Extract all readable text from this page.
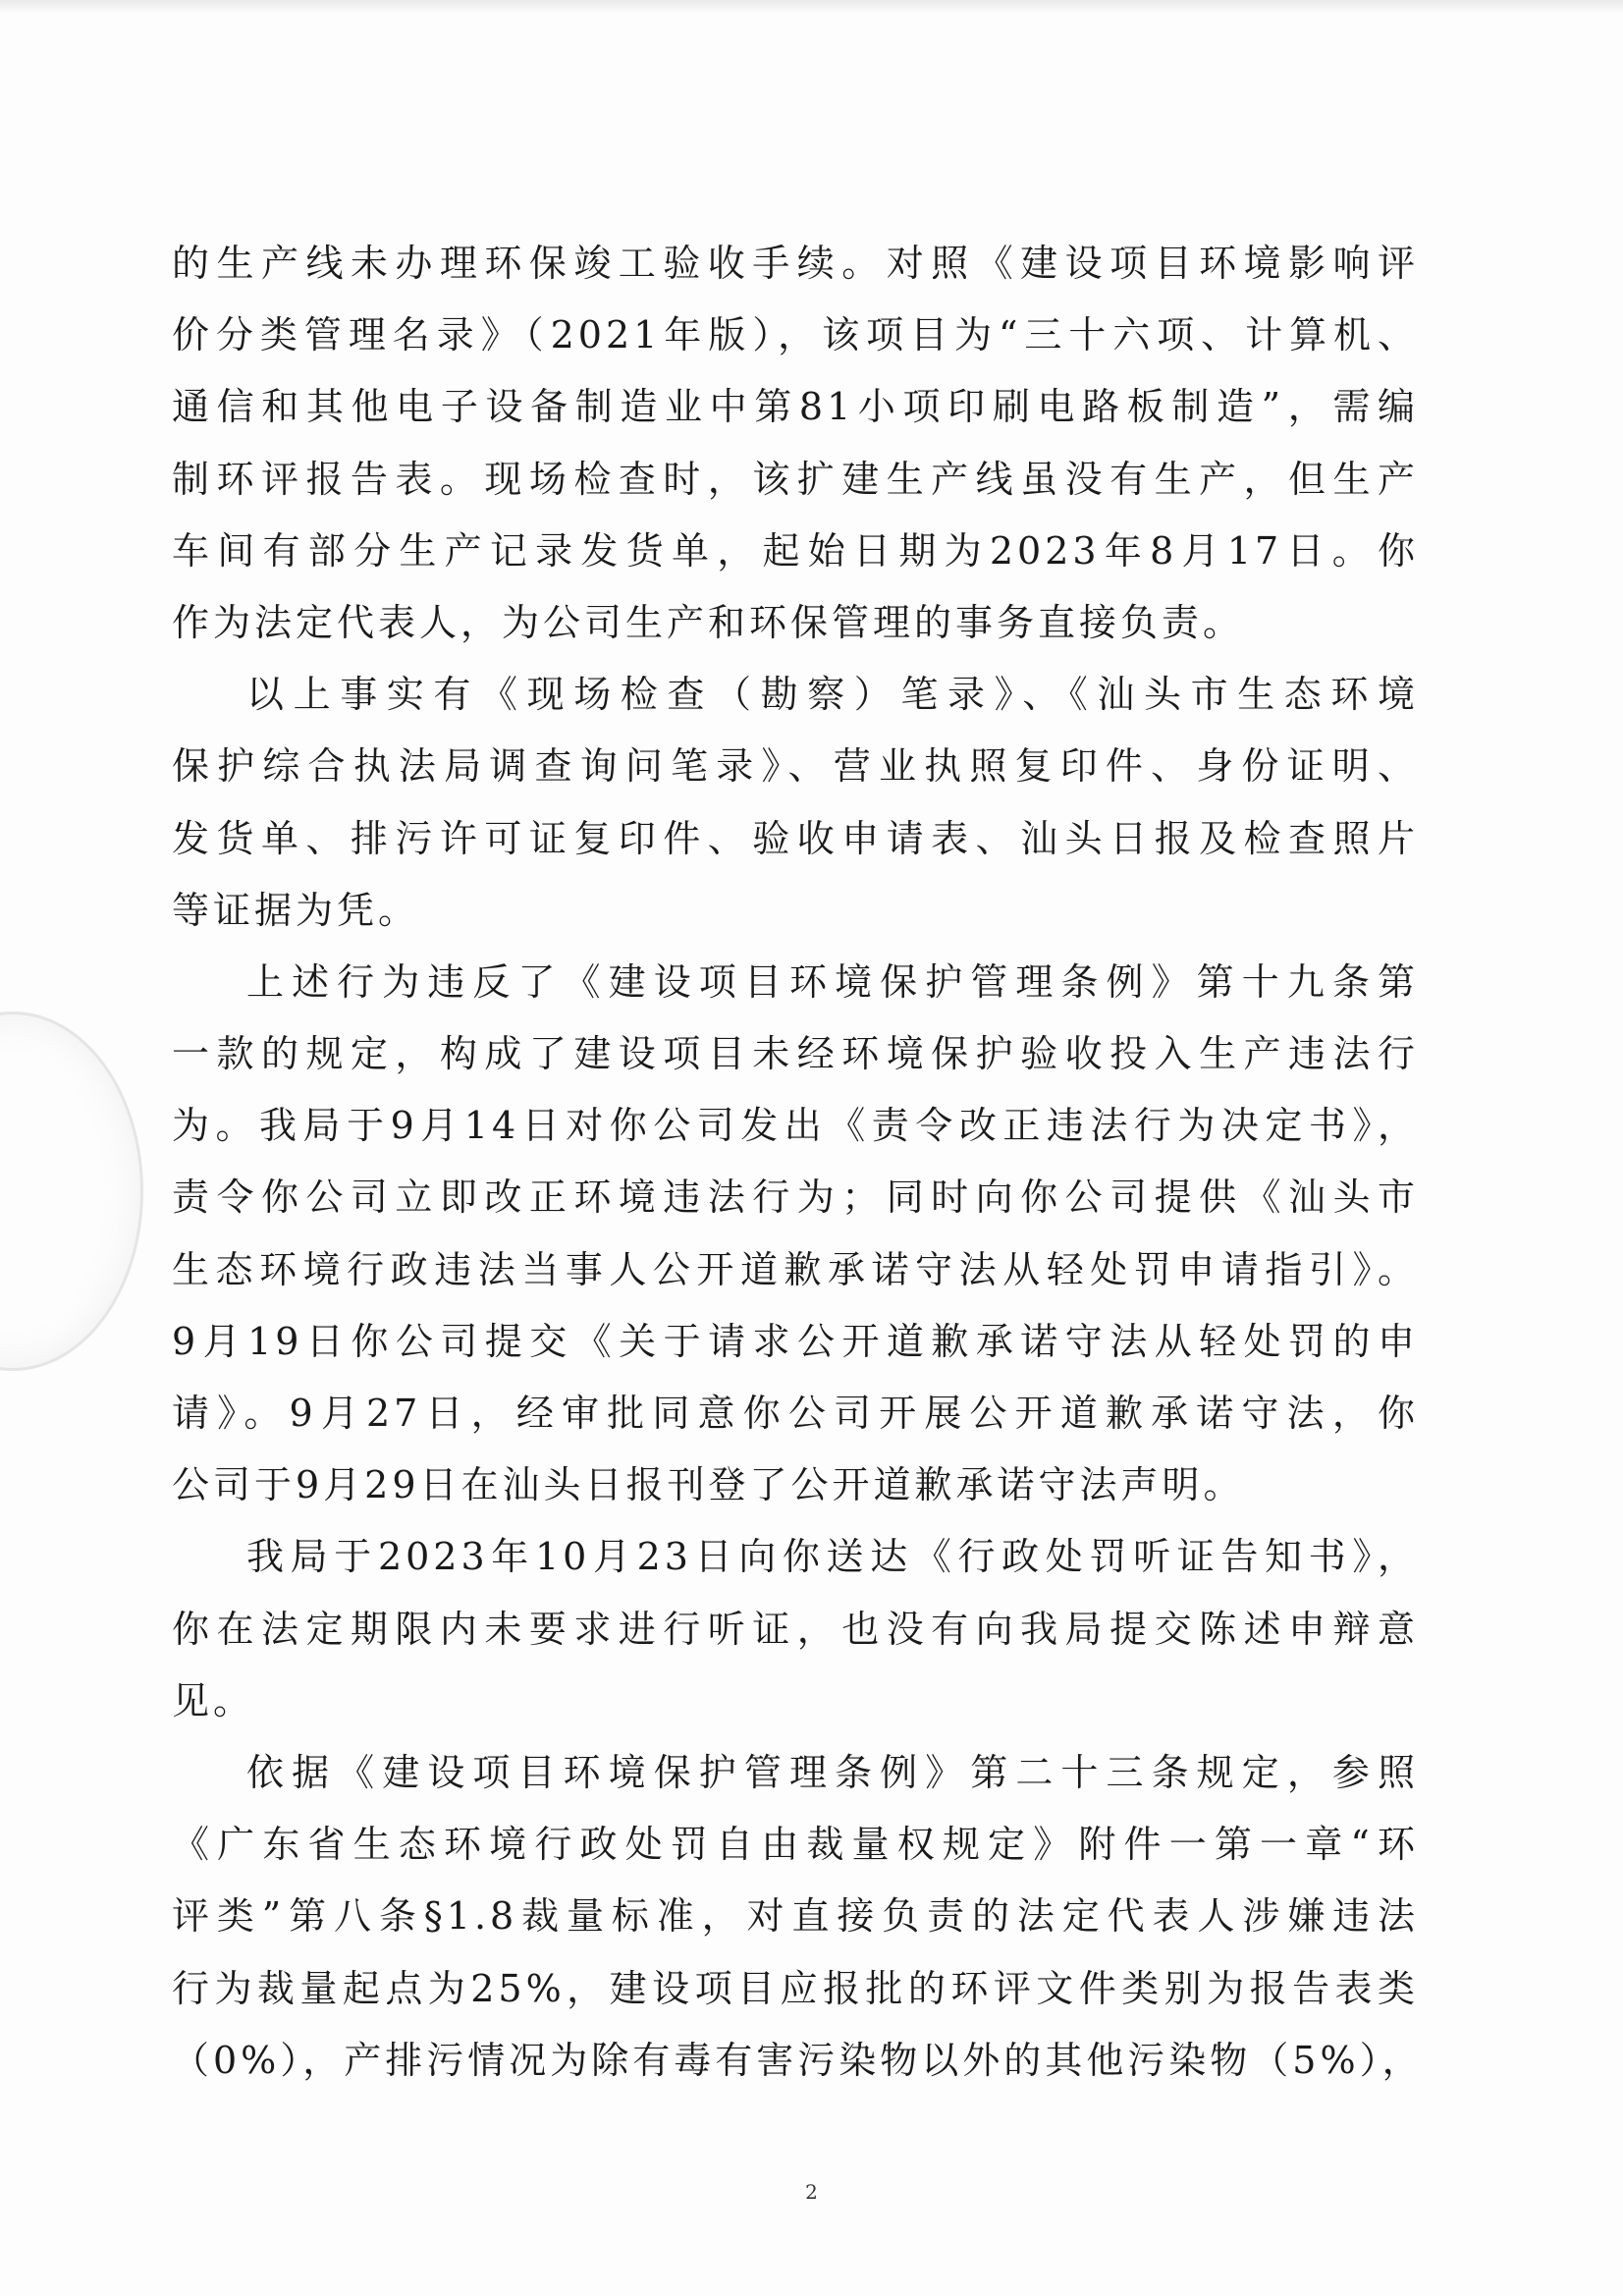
的生产线未办理环保竣工验收手续。对照《建设项目环境影响评
价分类管理名录》（2021年版），该项目为“三十六项、计算机、
通信和其他电子设备制造业中第81小项印刷电路板制造”，需编
制环评报告表。现场检查时，该扩建生产线虽没有生产，但生产
车间有部分生产记录发货单，起始日期为2023年8月17日。你
作为法定代表人，为公司生产和环保管理的事务直接负责。
以上事实有《现场检查（勘察）笔录》、《汕头市生态环境
保护综合执法局调查询问笔录》、营业执照复印件、身份证明、
发货单、排污许可证复印件、验收申请表、汕头日报及检查照片
等证据为凭。
上述行为违反了《建设项目环境保护管理条例》第十九条第
一款的规定，构成了建设项目未经环境保护验收投入生产违法行
为。我局于9月14日对你公司发出《责令改正违法行为决定书》，
责令你公司立即改正环境违法行为；同时向你公司提供《汕头市
生态环境行政违法当事人公开道歉承诺守法从轻处罚申请指引》。
9月19日你公司提交《关于请求公开道歉承诺守法从轻处罚的申
请》。9月27日，经审批同意你公司开展公开道歉承诺守法，你
公司于9月29日在汕头日报刊登了公开道歉承诺守法声明。
我局于2023年10月23日向你送达《行政处罚听证告知书》，
你在法定期限内未要求进行听证，也没有向我局提交陈述申辩意
见。
依据《建设项目环境保护管理条例》第二十三条规定，参照
《广东省生态环境行政处罚自由裁量权规定》附件一第一章“环
评类”第八条§1.8裁量标准，对直接负责的法定代表人涉嫌违法
行为裁量起点为25%，建设项目应报批的环评文件类别为报告表类
（0%），产排污情况为除有毒有害污染物以外的其他污染物（5%），
2
